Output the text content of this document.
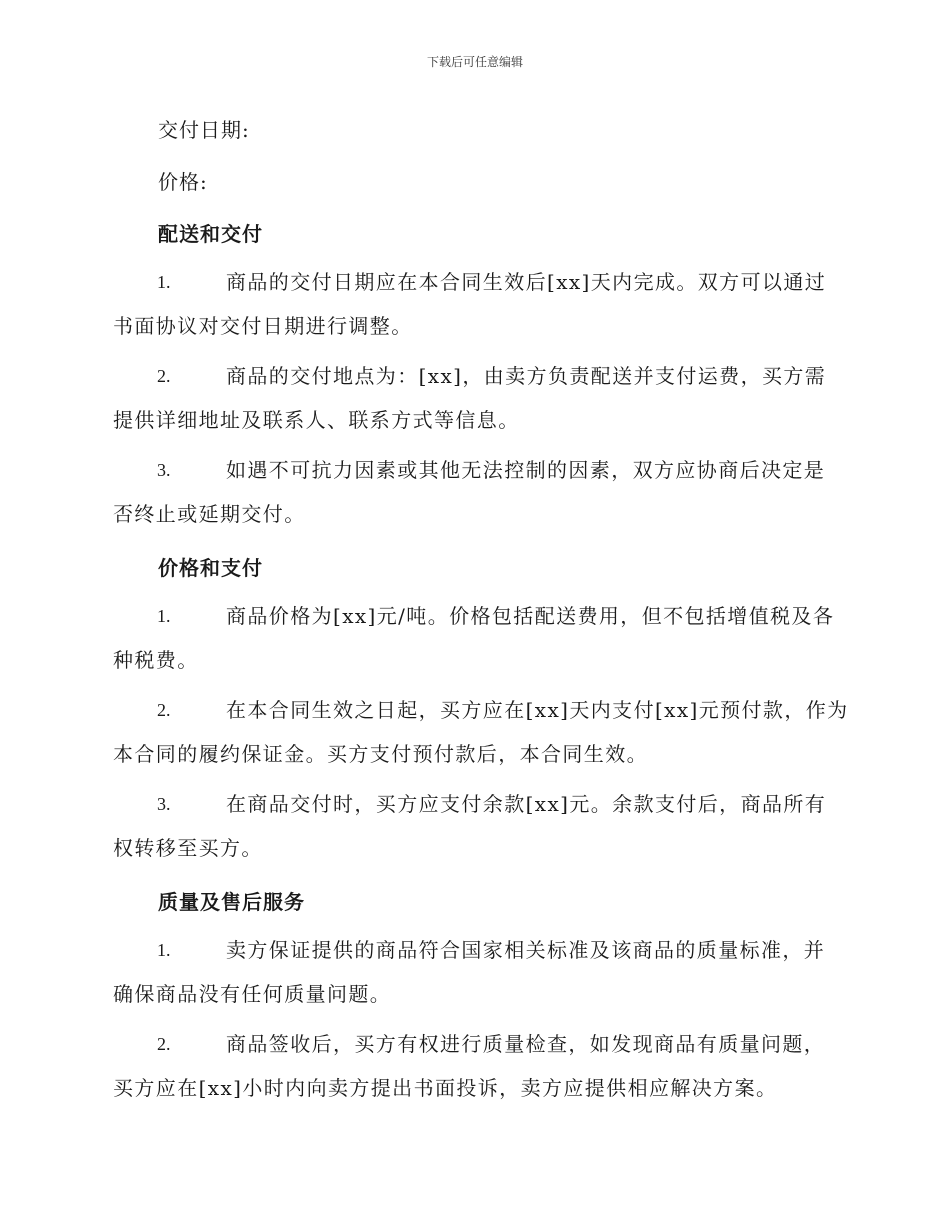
下载后可任意编辑
交付日期:
价格:
配送和交付
1.	商品的交付日期应在本合同生效后[xx]天内完成。双方可以通过
书面协议对交付日期进行调整。
2.	商品的交付地点为：[xx]，由卖方负责配送并支付运费，买方需
提供详细地址及联系人、联系方式等信息。
3.	如遇不可抗力因素或其他无法控制的因素，双方应协商后决定是
否终止或延期交付。
价格和支付
1.	商品价格为[xx]元/吨。价格包括配送费用，但不包括增值税及各
种税费。
2.	在本合同生效之日起，买方应在[xx]天内支付[xx]元预付款，作为
本合同的履约保证金。买方支付预付款后，本合同生效。
3.	在商品交付时，买方应支付余款[xx]元。余款支付后，商品所有
权转移至买方。
质量及售后服务
1.	卖方保证提供的商品符合国家相关标准及该商品的质量标准，并
确保商品没有任何质量问题。
2.	商品签收后，买方有权进行质量检查，如发现商品有质量问题，
买方应在[xx]小时内向卖方提出书面投诉，卖方应提供相应解决方案。
